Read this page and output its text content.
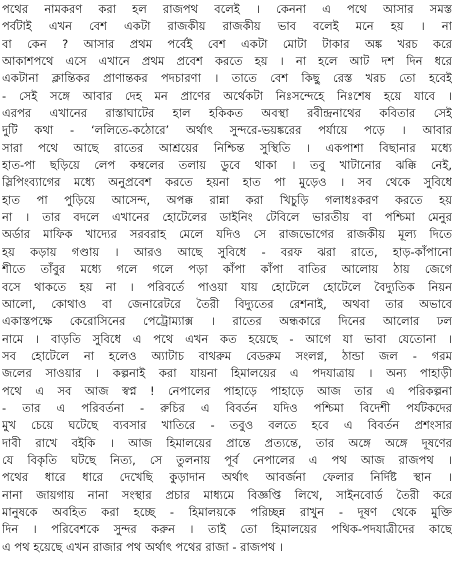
পথের নামকরণ করা হল রাজপথ বলেই । কেননা এ পথে আসার সমস্ত
পর্বটাই এখন বেশ একটা রাজকীয় রাজকীয় ভাব বলেই মনে হয় । না
বা কেন ? আসার প্রথম পর্বেই বেশ একটা মোটা টাকার অঙ্ক খরচ করে
আকাশপথে এসে এখানে প্রথম প্রবেশ করতে হয় । না হলে আট দশ দিন ধরে
একটানা ক্লান্তিকর প্রাণান্তকর পদচারণা । তাতে বেশ কিছু রেস্ত খরচ তো হবেই
- সেই সঙ্গে আবার দেহ মন প্রাণের অর্থেকটা নিঃসন্দেহে নিঃশেষ হয়ে যাবে ।
এরপর এখানের রাস্তাঘাটের হাল হকিকত অবস্থা রবীন্দ্রনাথের কবিতার সেই
দুটি কথা - ‘ললিতে-কঠোরে’ অর্থাৎ সুন্দরে-ভয়ঙ্করের পর্যায়ে পড়ে । আবার
সারা পথে আছে রাতের আশ্রয়ের নিশ্চিন্ত সুস্থিতি । একপাশা বিছানার মধ্যে
হাত-পা ছড়িয়ে লেপ কম্বলের তলায় ডুবে থাকা । তবু খাটানোর ঝক্কি নেই,
স্লিপিংব্যাগের মধ্যে অনুপ্রবেশ করতে হয়না হাত পা মুড়েও । সব থেকে সুবিধে
হাত পা পুড়িয়ে আসেন্দ, অপক্ক রান্না করা খিচুড়ি গলাধঃকরণ করতে হয়
না । তার বদলে এখানের হোটেলের ডাইনিং টেবিলে ভারতীয় বা পশ্চিমা মেনুর
অর্ডার মাফিক খাদ্যের সরবরাহ মেলে যদিও সে রাজভোগের রাজকীয় মূল্য দিতে
হয় কড়ায় গণ্ডায় । আরও আছে সুবিধে - বরফ ঝরা রাতে, হাড়-কাঁপানো
শীতে তাঁবুর মধ্যে গলে গলে পড়া কাঁপা কাঁপা বাতির আলোয় ঠায় জেগে
বসে থাকতে হয় না । পরিবর্তে পাওয়া যায় হোটেলে হোটেলে বৈদ্যুতিক নিয়ন
আলো, কোথাও বা জেনারেটরে তৈরী বিদ্যুতের রেশনাই, অথবা তার অভাবে
একাস্তপক্ষে কেরোসিনের পেট্রোম্যাক্স । রাতের অন্ধকারে দিনের আলোর ঢল
নামে । বাড়তি সুবিধে এ পথে এখন কত হয়েছে - আগে যা ভাবা যেতোনা ।
সব হোটেলে না হলেও অ্যাটাচ বাথরুম বেডরুম সংলগ্ন, ঠান্ডা জল - গরম
জলের সাওয়ার । কল্পনাই করা যায়না হিমালয়ের এ পদযাত্রায় । অন্য পাহাড়ী
পথে এ সব আজ স্বপ্ন ! নেপালের পাহাড়ে পাহাড়ে আজ তার এ পরিকল্পনা
- তার এ পরিবর্তনা - রুচির এ বিবর্তন যদিও পশ্চিমা বিদেশী পর্যটকদের
মুখ চেয়ে ঘটেছে ব্যবসার খাতিরে - তবুও বলতে হবে এ বিবর্তন প্রশংসার
দাবী রাখে বইকি । আজ হিমালয়ের প্রান্তে প্রত্যন্তে, তার অঙ্গে অঙ্গে দূষণের
যে বিকৃতি ঘটছে নিত্য, সে তুলনায় পূর্ব নেপালের এ পথ আজ রাজপথ ।
পথের ধারে ধারে দেখেছি কুড়াদান অর্থাৎ আবর্জনা ফেলার নির্দিষ্ট স্থান ।
নানা জায়গায় নানা সংস্থার প্রচার মাধ্যমে বিজ্ঞপ্তি লিখে, সাইনবোর্ড তৈরী করে
মানুষকে অবহিত করা হচ্ছে - হিমালয়কে পরিচ্ছন্ন রাখুন - দূষণ থেকে মুক্তি
দিন । পরিবেশকে সুন্দর করুন । তাই তো হিমালয়ের পথিক-পদযাত্রীদের কাছে
এ পথ হয়েছে এখন রাজার পথ অর্থাৎ পথের রাজা - রাজপথ ।
